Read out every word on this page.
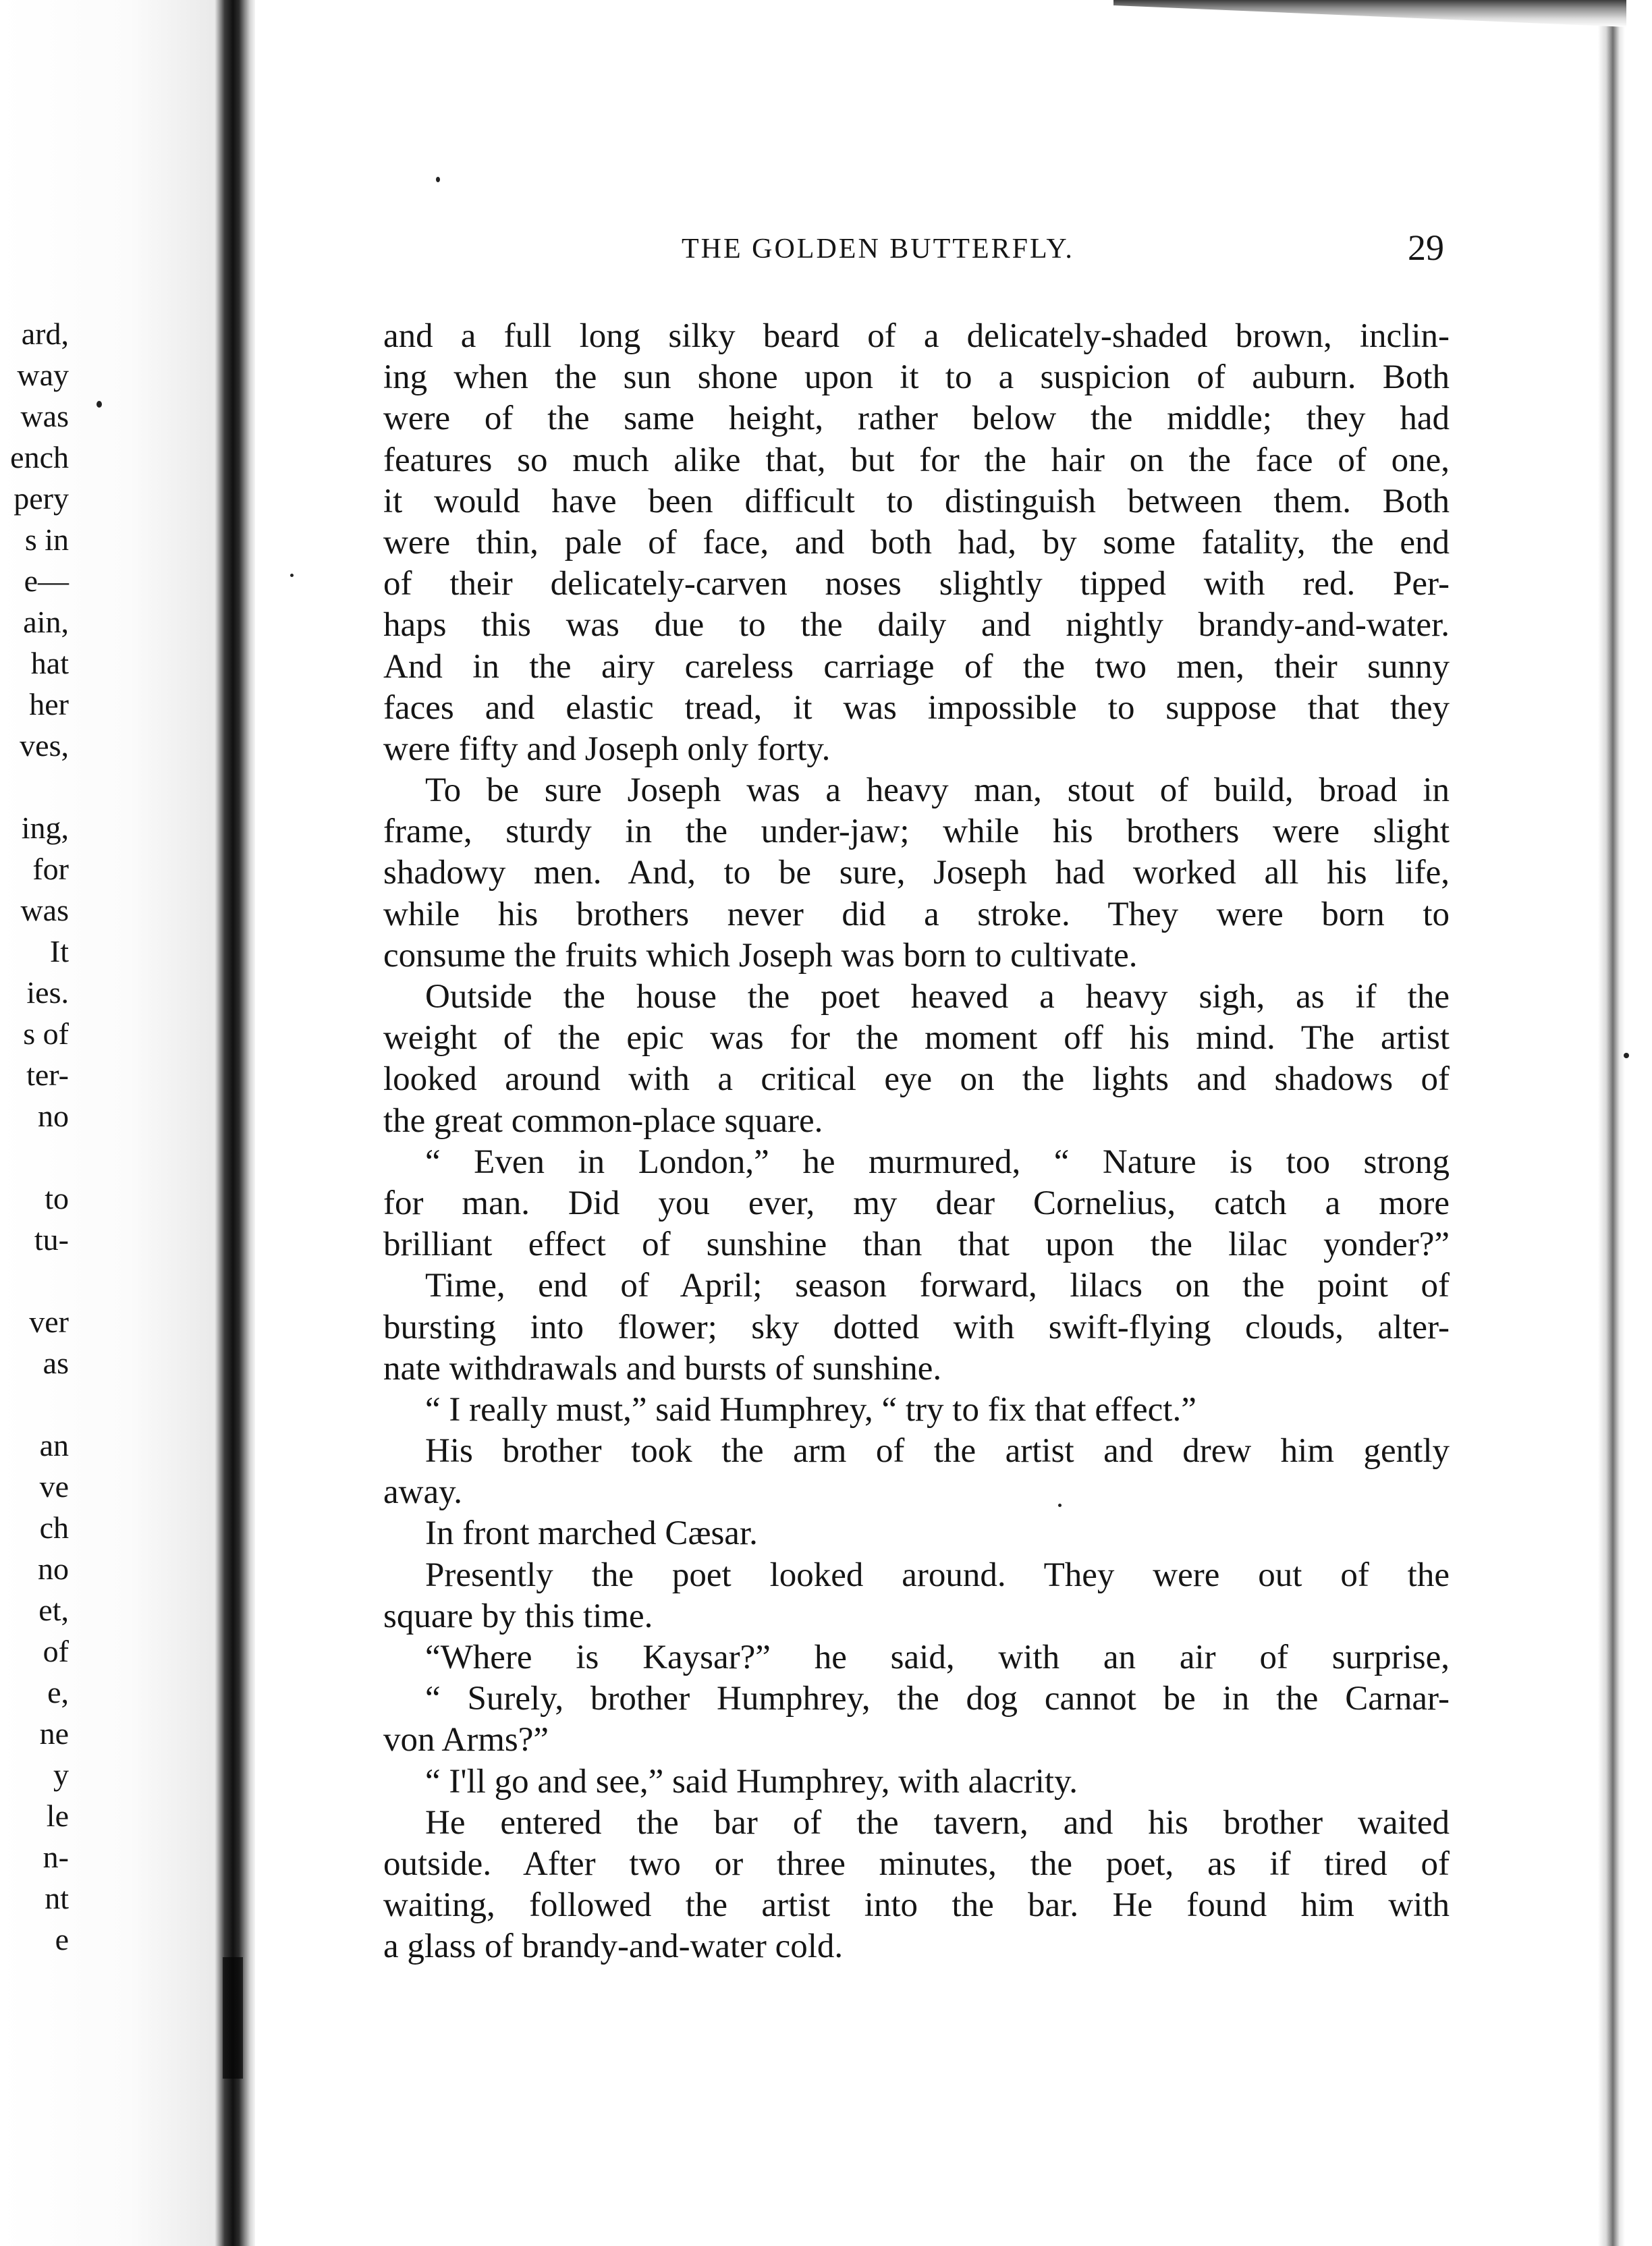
ard,
way
was
ench
pery
s in
e—
ain,
hat
her
ves,
ing,
for
was
It
ies.
s of
ter-
no
to
tu-
ver
as
an
ve
ch
no
et,
of
e,
ne
y
le
n-
nt
e
THE GOLDEN BUTTERFLY.	29
and a full long silky beard of a delicately-shaded brown, inclin-
ing when the sun shone upon it to a suspicion of auburn. Both
were of the same height, rather below the middle; they had
features so much alike that, but for the hair on the face of one,
it would have been difficult to distinguish between them. Both
were thin, pale of face, and both had, by some fatality, the end
of their delicately-carven noses slightly tipped with red. Per-
haps this was due to the daily and nightly brandy-and-water.
And in the airy careless carriage of the two men, their sunny
faces and elastic tread, it was impossible to suppose that they
were fifty and Joseph only forty.
To be sure Joseph was a heavy man, stout of build, broad in
frame, sturdy in the under-jaw; while his brothers were slight
shadowy men. And, to be sure, Joseph had worked all his life,
while his brothers never did a stroke. They were born to
consume the fruits which Joseph was born to cultivate.
Outside the house the poet heaved a heavy sigh, as if the
weight of the epic was for the moment off his mind. The artist
looked around with a critical eye on the lights and shadows of
the great common-place square.
“ Even in London,” he murmured, “ Nature is too strong
for man. Did you ever, my dear Cornelius, catch a more
brilliant effect of sunshine than that upon the lilac yonder?”
Time, end of April; season forward, lilacs on the point of
bursting into flower; sky dotted with swift-flying clouds, alter-
nate withdrawals and bursts of sunshine.
“ I really must,” said Humphrey, “ try to fix that effect.”
His brother took the arm of the artist and drew him gently
away.
In front marched Cæsar.
Presently the poet looked around. They were out of the
square by this time.
“Where is Kaysar?” he said, with an air of surprise,
“ Surely, brother Humphrey, the dog cannot be in the Carnar-
von Arms?”
“ I'll go and see,” said Humphrey, with alacrity.
He entered the bar of the tavern, and his brother waited
outside. After two or three minutes, the poet, as if tired of
waiting, followed the artist into the bar. He found him with
a glass of brandy-and-water cold.
